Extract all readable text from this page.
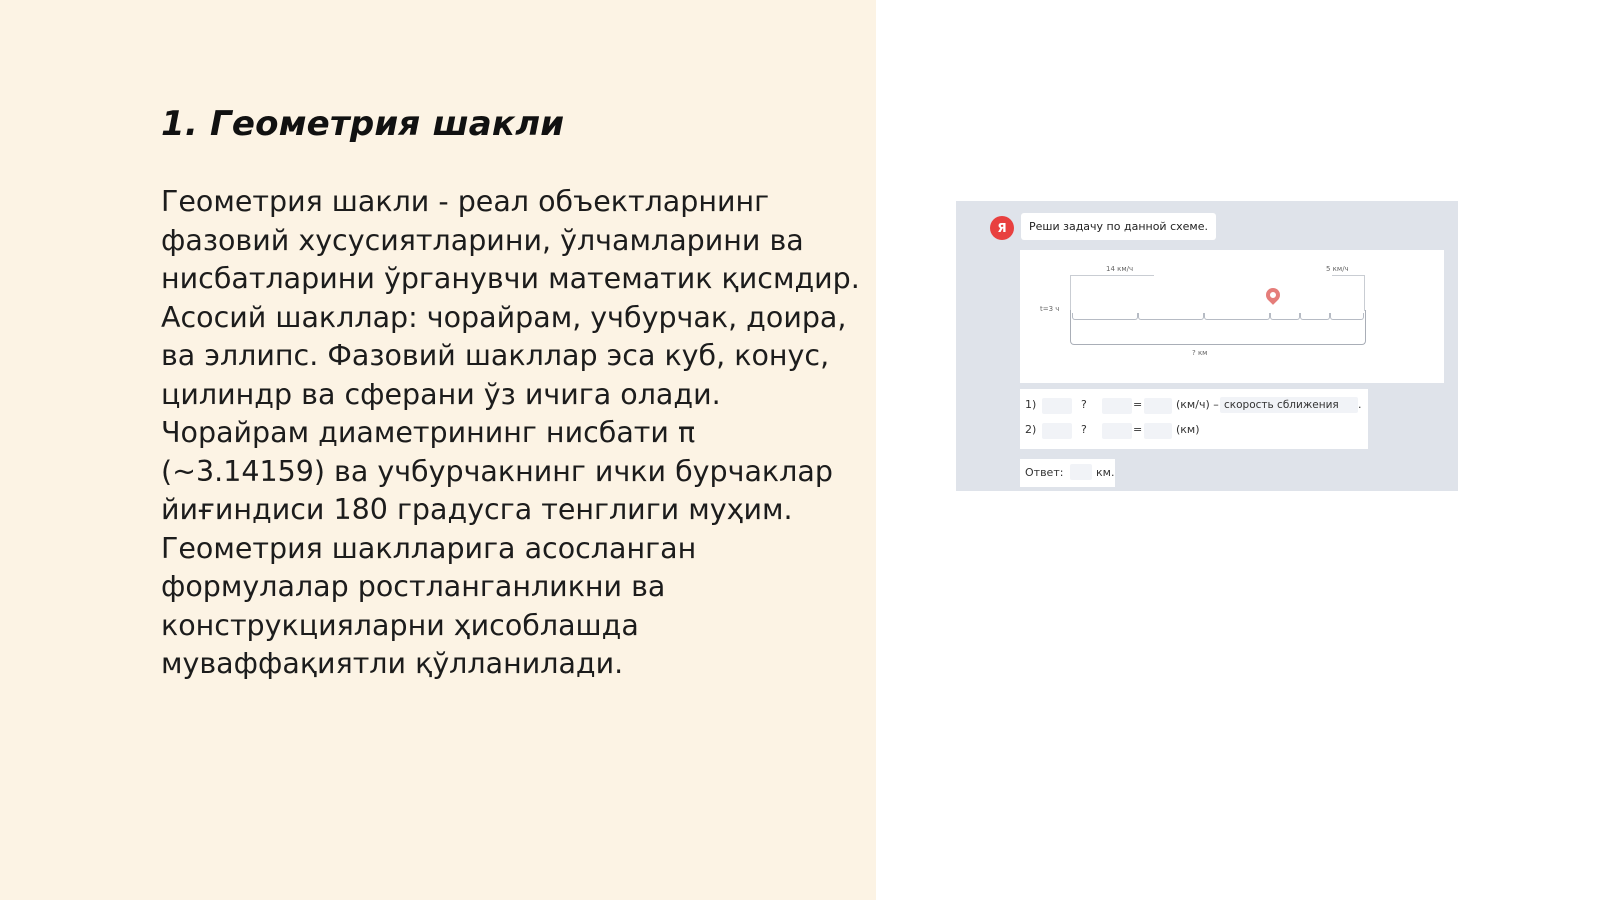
1. Геометрия шакли

Геометрия шакли - реал объектларнинг фазовий хусусиятларини, ўлчамларини ва нисбатларини ўрганувчи математик қисмдир. Асосий шакллар: чорайрам, учбурчак, доира, ва эллипс. Фазовий шакллар эса куб, конус, цилиндр ва сферани ўз ичига олади. Чорайрам диаметрининг нисбати π (~3.14159) ва учбурчакнинг ички бурчаклар йиғиндиси 180 градусга тенглиги муҳим. Геометрия шаклларига асосланган формулалар ростланганликни ва конструкцияларни ҳисоблашда муваффақиятли қўлланилади.

Я	Реши задачу по данной схеме.
14 км/ч	5 км/ч
t=3 ч
? км
1)	?	=	(км/ч) – скорость сближения	.
2)	?	=	(км)
Ответ:	км.
